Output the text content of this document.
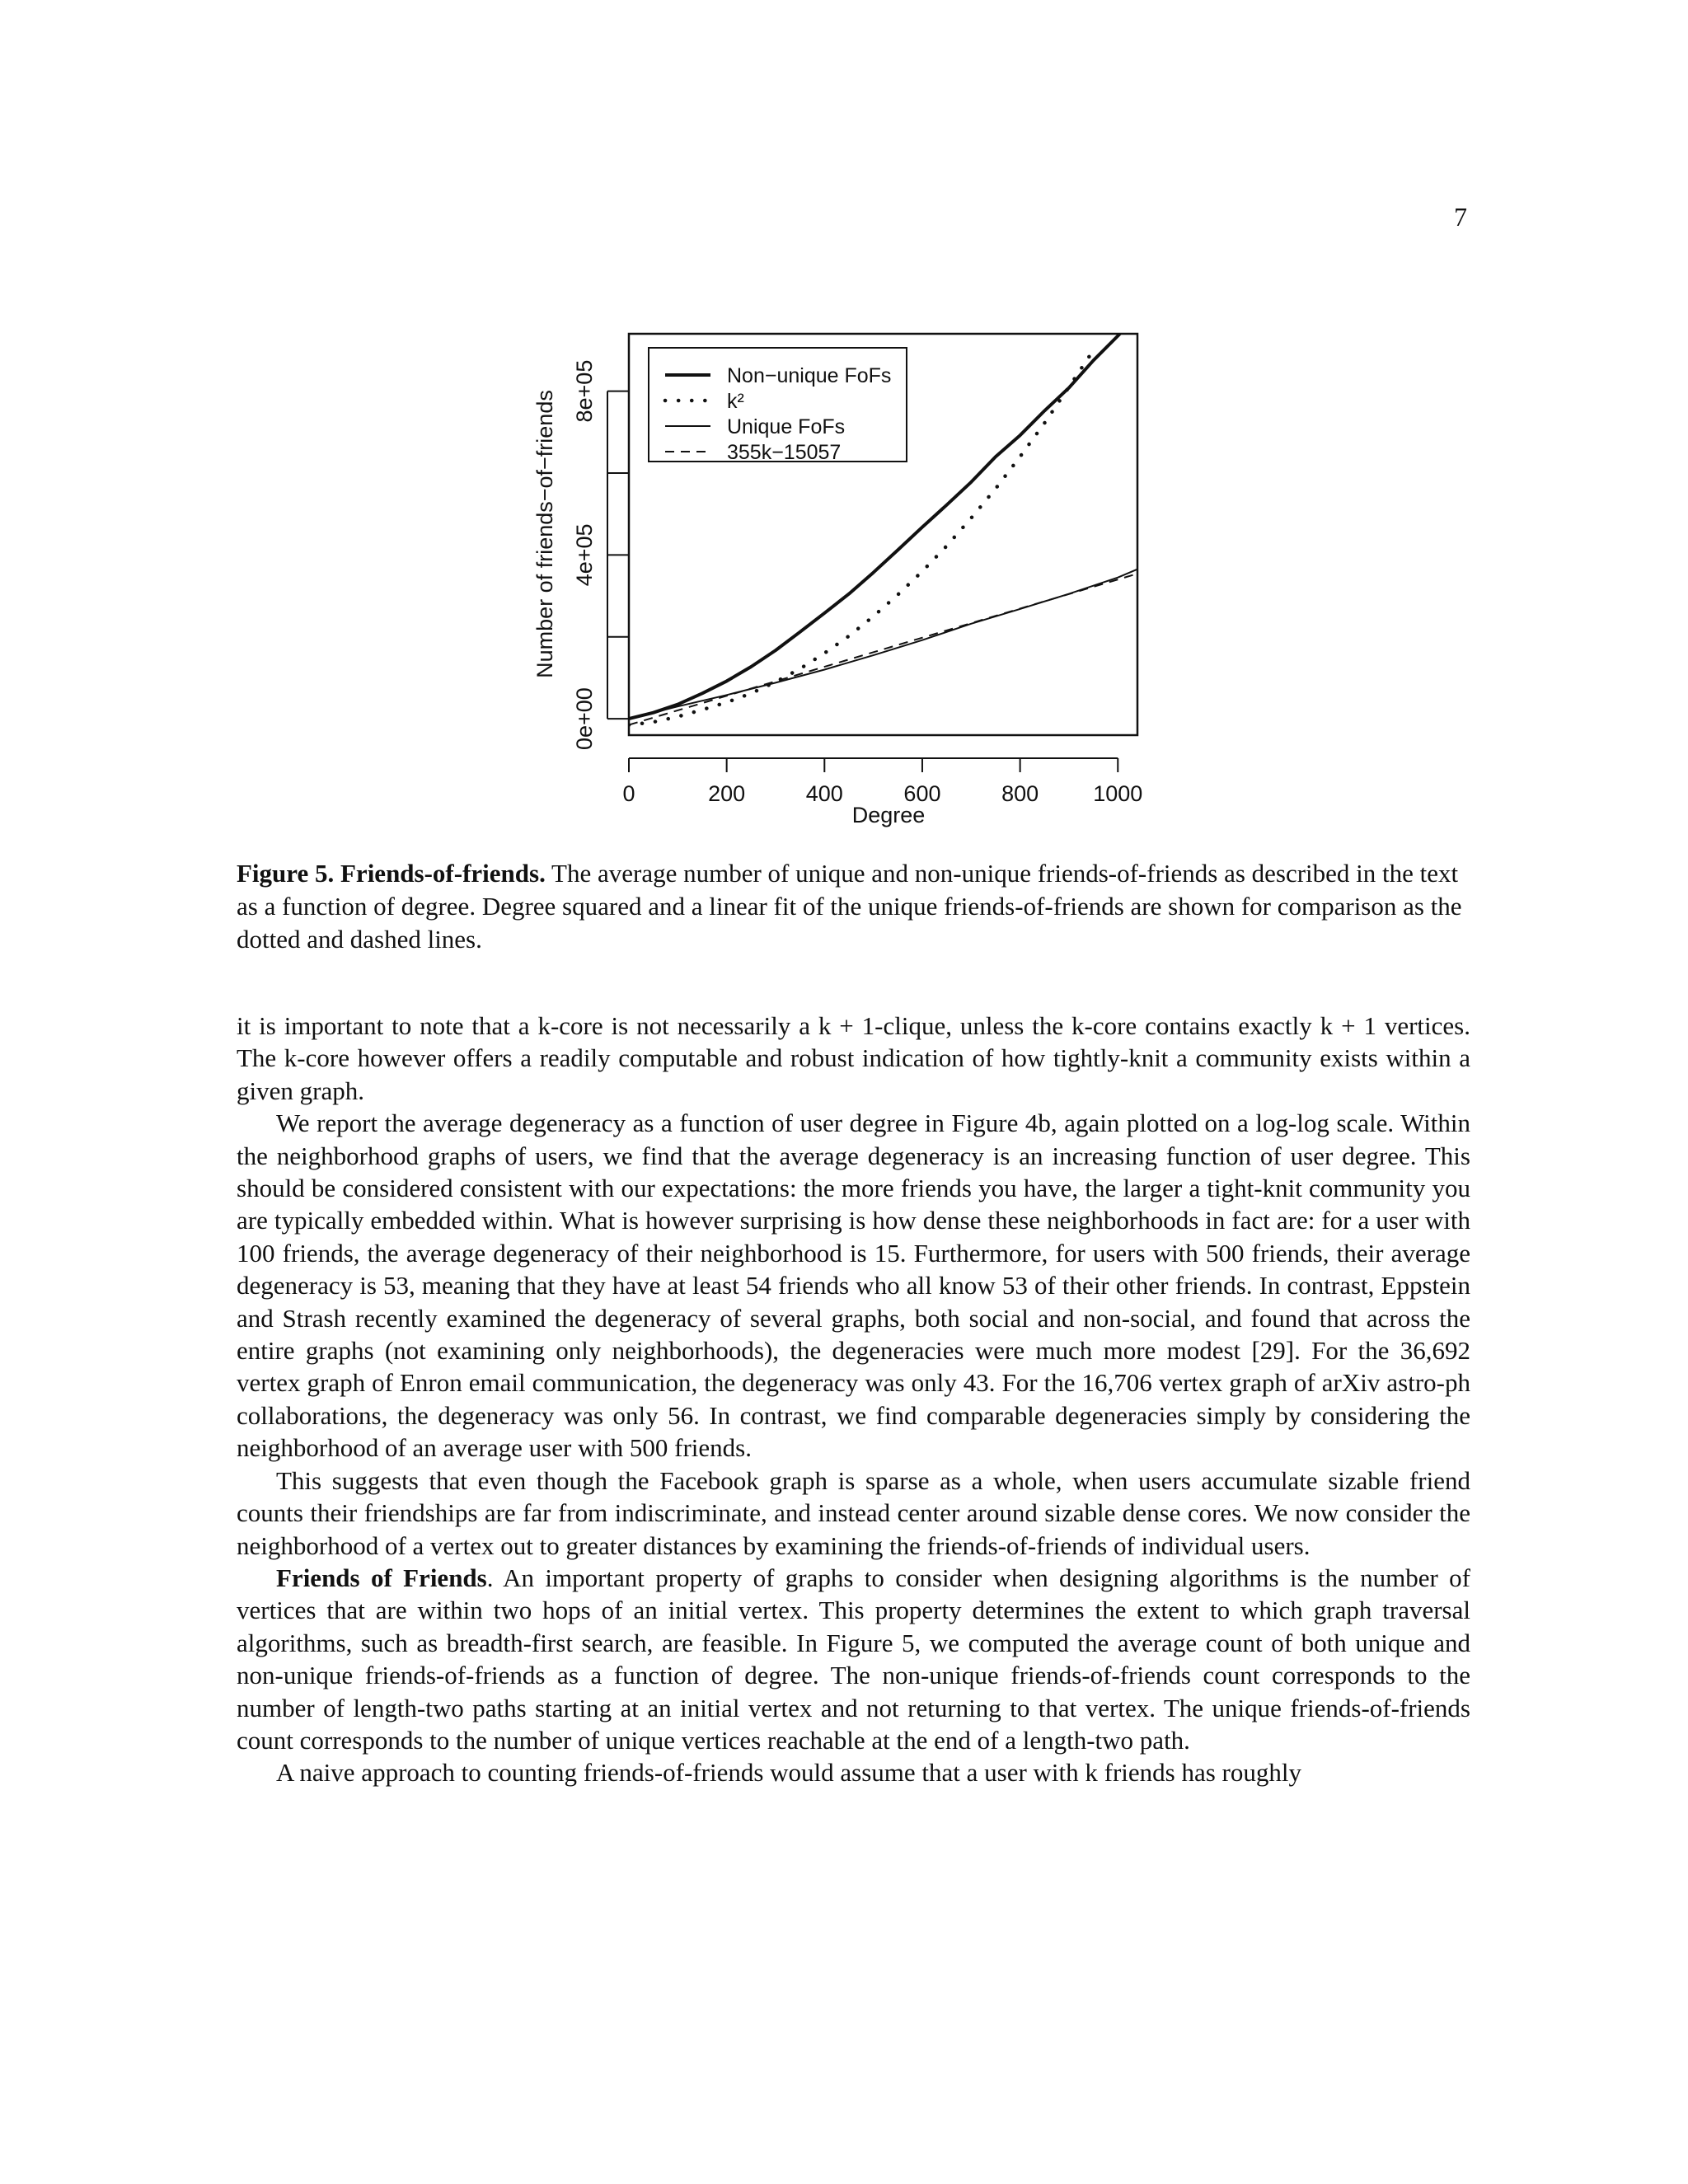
7
0	200	400	600	800 1000
0e+00
4e+05
8e+05	Non−unique FoFs
k²
Unique FoFs
355k−15057
Degree
Number of friends−of−friends
Figure 5. Friends-of-friends. The average number of unique and non-unique friends-of-friends as described in the text as a function of degree. Degree squared and a linear fit of the unique friends-of-friends are shown for comparison as the dotted and dashed lines.

it is important to note that a k-core is not necessarily a k + 1-clique, unless the k-core contains exactly k + 1 vertices. The k-core however offers a readily computable and robust indication of how tightly-knit a community exists within a given graph.

We report the average degeneracy as a function of user degree in Figure 4b, again plotted on a log-log scale. Within the neighborhood graphs of users, we find that the average degeneracy is an increasing function of user degree. This should be considered consistent with our expectations: the more friends you have, the larger a tight-knit community you are typically embedded within. What is however surprising is how dense these neighborhoods in fact are: for a user with 100 friends, the average degeneracy of their neighborhood is 15. Furthermore, for users with 500 friends, their average degeneracy is 53, meaning that they have at least 54 friends who all know 53 of their other friends. In contrast, Eppstein and Strash recently examined the degeneracy of several graphs, both social and non-social, and found that across the entire graphs (not examining only neighborhoods), the degeneracies were much more modest [29]. For the 36,692 vertex graph of Enron email communication, the degeneracy was only 43. For the 16,706 vertex graph of arXiv astro-ph collaborations, the degeneracy was only 56. In contrast, we find comparable degeneracies simply by considering the neighborhood of an average user with 500 friends.

This suggests that even though the Facebook graph is sparse as a whole, when users accumulate sizable friend counts their friendships are far from indiscriminate, and instead center around sizable dense cores. We now consider the neighborhood of a vertex out to greater distances by examining the friends-of-friends of individual users.

Friends of Friends. An important property of graphs to consider when designing algorithms is the number of vertices that are within two hops of an initial vertex. This property determines the extent to which graph traversal algorithms, such as breadth-first search, are feasible. In Figure 5, we computed the average count of both unique and non-unique friends-of-friends as a function of degree. The non-unique friends-of-friends count corresponds to the number of length-two paths starting at an initial vertex and not returning to that vertex. The unique friends-of-friends count corresponds to the number of unique vertices reachable at the end of a length-two path.

A naive approach to counting friends-of-friends would assume that a user with k friends has roughly
